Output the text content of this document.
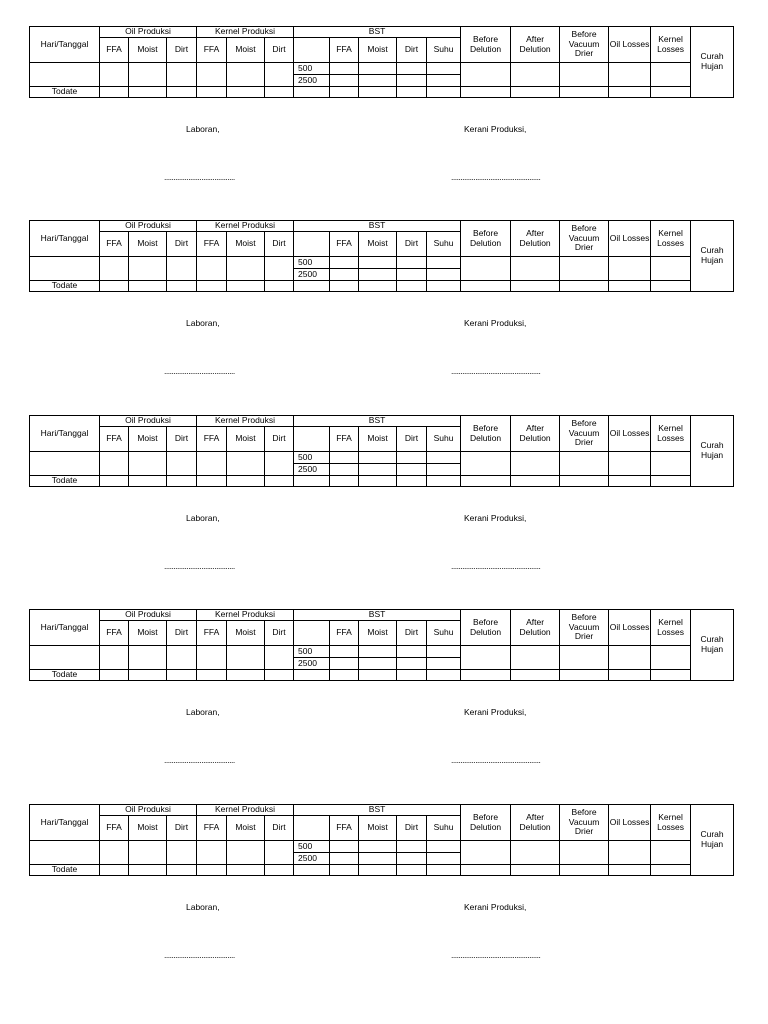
Hari/Tanggal	Oil Produksi			Kernel Produksi			BST					Before Delution	After Delution	Before Vacuum Drier	Oil Losses	Kernel Losses	Curah Hujan
	FFA	Moist	Dirt	FFA	Moist	Dirt		FFA	Moist	Dirt	Suhu						
							500										
							2500										
Todate																	
Laboran,	Kerani Produksi,
......................................	................................................
Hari/Tanggal	Oil Produksi			Kernel Produksi			BST					Before Delution	After Delution	Before Vacuum Drier	Oil Losses	Kernel Losses	Curah Hujan
	FFA	Moist	Dirt	FFA	Moist	Dirt		FFA	Moist	Dirt	Suhu						
							500										
							2500										
Todate																	
Laboran,	Kerani Produksi,
......................................	................................................
Hari/Tanggal	Oil Produksi			Kernel Produksi			BST					Before Delution	After Delution	Before Vacuum Drier	Oil Losses	Kernel Losses	Curah Hujan
	FFA	Moist	Dirt	FFA	Moist	Dirt		FFA	Moist	Dirt	Suhu						
							500										
							2500										
Todate																	
Laboran,	Kerani Produksi,
......................................	................................................
Hari/Tanggal	Oil Produksi			Kernel Produksi			BST					Before Delution	After Delution	Before Vacuum Drier	Oil Losses	Kernel Losses	Curah Hujan
	FFA	Moist	Dirt	FFA	Moist	Dirt		FFA	Moist	Dirt	Suhu						
							500										
							2500										
Todate																	
Laboran,	Kerani Produksi,
......................................	................................................
Hari/Tanggal	Oil Produksi			Kernel Produksi			BST					Before Delution	After Delution	Before Vacuum Drier	Oil Losses	Kernel Losses	Curah Hujan
	FFA	Moist	Dirt	FFA	Moist	Dirt		FFA	Moist	Dirt	Suhu						
							500										
							2500										
Todate																	
Laboran,	Kerani Produksi,
......................................	................................................
